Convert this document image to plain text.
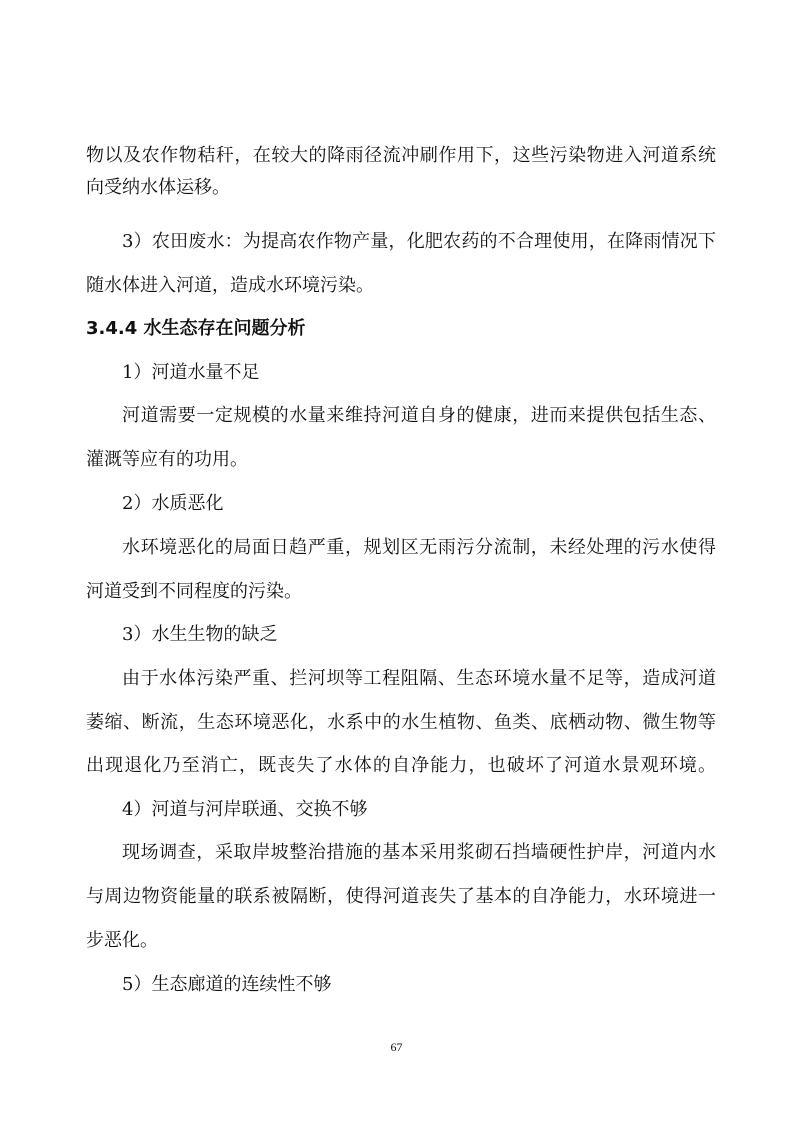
物以及农作物秸秆，在较大的降雨径流冲刷作用下，这些污染物进入河道系统
向受纳水体运移。
3）农田废水：为提高农作物产量，化肥农药的不合理使用，在降雨情况下
随水体进入河道，造成水环境污染。
3.4.4 水生态存在问题分析
1）河道水量不足
河道需要一定规模的水量来维持河道自身的健康，进而来提供包括生态、
灌溉等应有的功用。
2）水质恶化
水环境恶化的局面日趋严重，规划区无雨污分流制，未经处理的污水使得
河道受到不同程度的污染。
3）水生生物的缺乏
由于水体污染严重、拦河坝等工程阻隔、生态环境水量不足等，造成河道
萎缩、断流，生态环境恶化，水系中的水生植物、鱼类、底栖动物、微生物等
出现退化乃至消亡，既丧失了水体的自净能力，也破坏了河道水景观环境。
4）河道与河岸联通、交换不够
现场调查，采取岸坡整治措施的基本采用浆砌石挡墙硬性护岸，河道内水
与周边物资能量的联系被隔断，使得河道丧失了基本的自净能力，水环境进一
步恶化。
5）生态廊道的连续性不够
67
